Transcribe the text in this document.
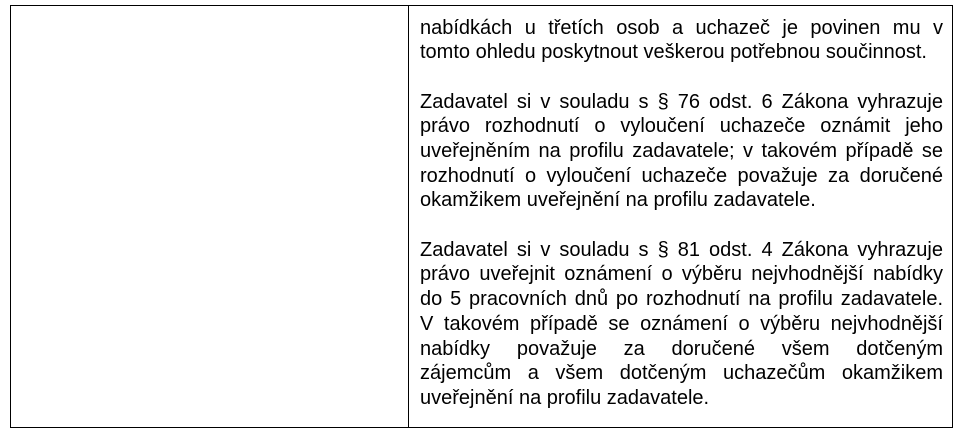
nabídkách u třetích osob a uchazeč je povinen mu v
tomto ohledu poskytnout veškerou potřebnou součinnost.
Zadavatel si v souladu s § 76 odst. 6 Zákona vyhrazuje
právo rozhodnutí o vyloučení uchazeče oznámit jeho
uveřejněním na profilu zadavatele; v takovém případě se
rozhodnutí o vyloučení uchazeče považuje za doručené
okamžikem uveřejnění na profilu zadavatele.
Zadavatel si v souladu s § 81 odst. 4 Zákona vyhrazuje
právo uveřejnit oznámení o výběru nejvhodnější nabídky
do 5 pracovních dnů po rozhodnutí na profilu zadavatele.
V takovém případě se oznámení o výběru nejvhodnější
nabídky považuje za doručené všem dotčeným
zájemcům a všem dotčeným uchazečům okamžikem
uveřejnění na profilu zadavatele.
